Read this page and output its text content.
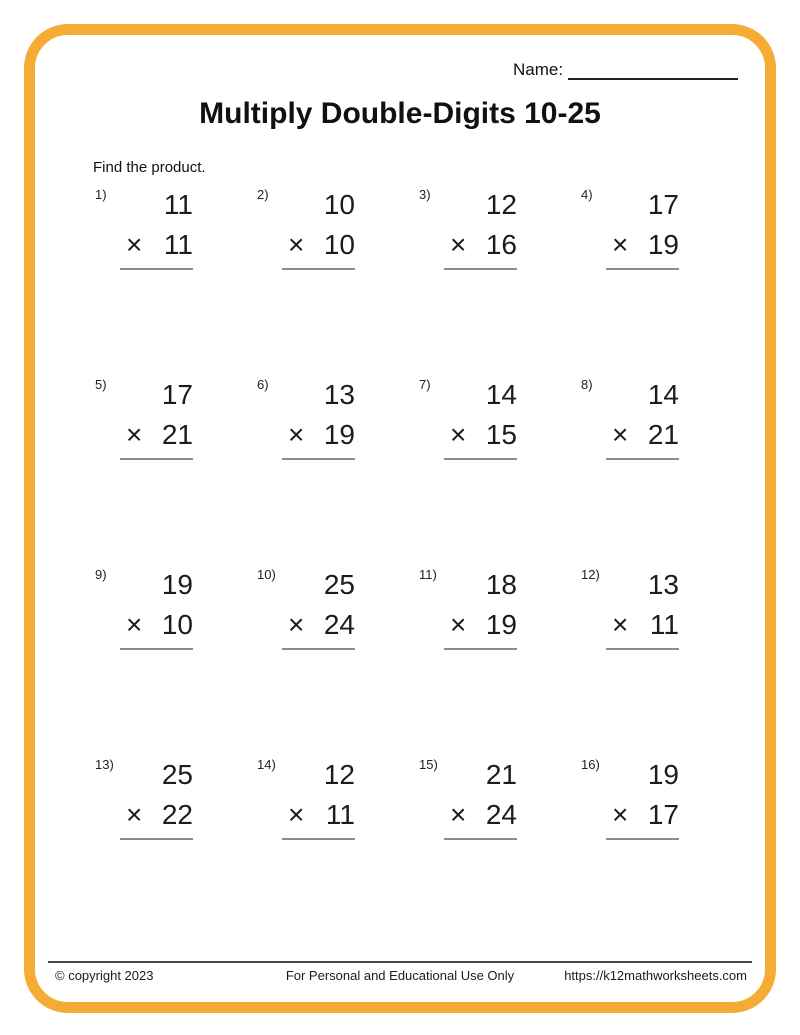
Name:
Multiply Double-Digits 10-25
Find the product.
1)	11
× 11
2)	10
× 10
3)	12
× 16
4)	17
× 19
5)	17
× 21
6)	13
× 19
7)	14
× 15
8)	14
× 21
9)	19
× 10
10)	25
× 24
11)	18
× 19
12)	13
× 11
13)	25
× 22
14)	12
× 11
15)	21
× 24
16)	19
× 17
© copyright 2023	For Personal and Educational Use Only	https://k12mathworksheets.com
